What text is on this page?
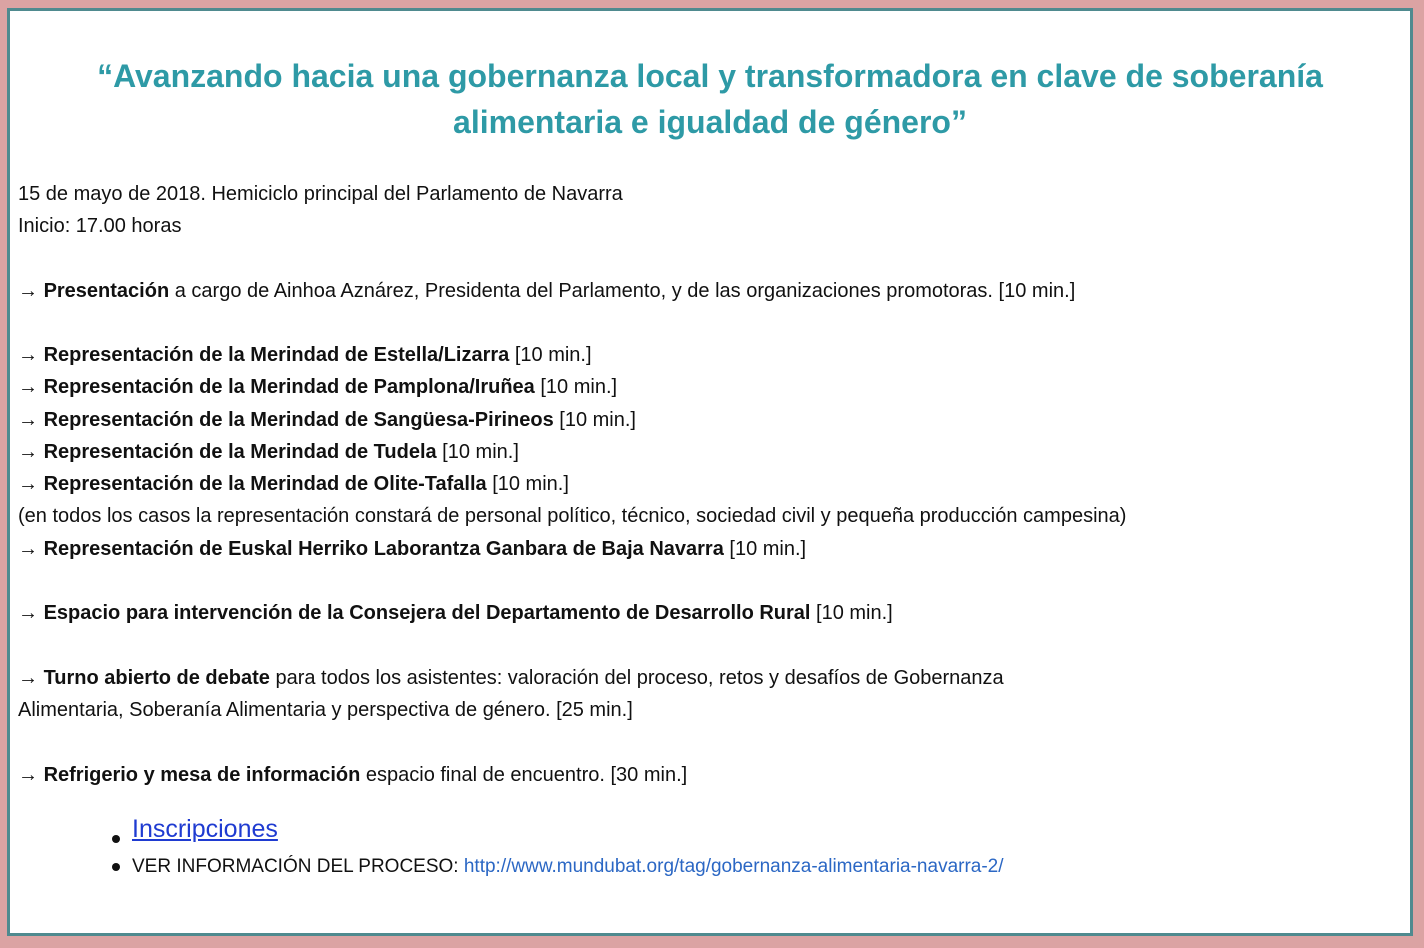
“Avanzando hacia una gobernanza local y transformadora en clave de soberanía
alimentaria e igualdad de género”
15 de mayo de 2018. Hemiciclo principal del Parlamento de Navarra
Inicio: 17.00 horas
→ Presentación a cargo de Ainhoa Aznárez, Presidenta del Parlamento, y de las organizaciones promotoras. [10 min.]
→ Representación de la Merindad de Estella/Lizarra [10 min.]
→ Representación de la Merindad de Pamplona/Iruñea [10 min.]
→ Representación de la Merindad de Sangüesa-Pirineos [10 min.]
→ Representación de la Merindad de Tudela [10 min.]
→ Representación de la Merindad de Olite-Tafalla [10 min.]
(en todos los casos la representación constará de personal político, técnico, sociedad civil y pequeña producción campesina)
→ Representación de Euskal Herriko Laborantza Ganbara de Baja Navarra [10 min.]
→ Espacio para intervención de la Consejera del Departamento de Desarrollo Rural [10 min.]
→ Turno abierto de debate para todos los asistentes: valoración del proceso, retos y desafíos de Gobernanza
Alimentaria, Soberanía Alimentaria y perspectiva de género. [25 min.]
→ Refrigerio y mesa de información espacio final de encuentro. [30 min.]
Inscripciones
VER INFORMACIÓN DEL PROCESO: http://www.mundubat.org/tag/gobernanza-alimentaria-navarra-2/
